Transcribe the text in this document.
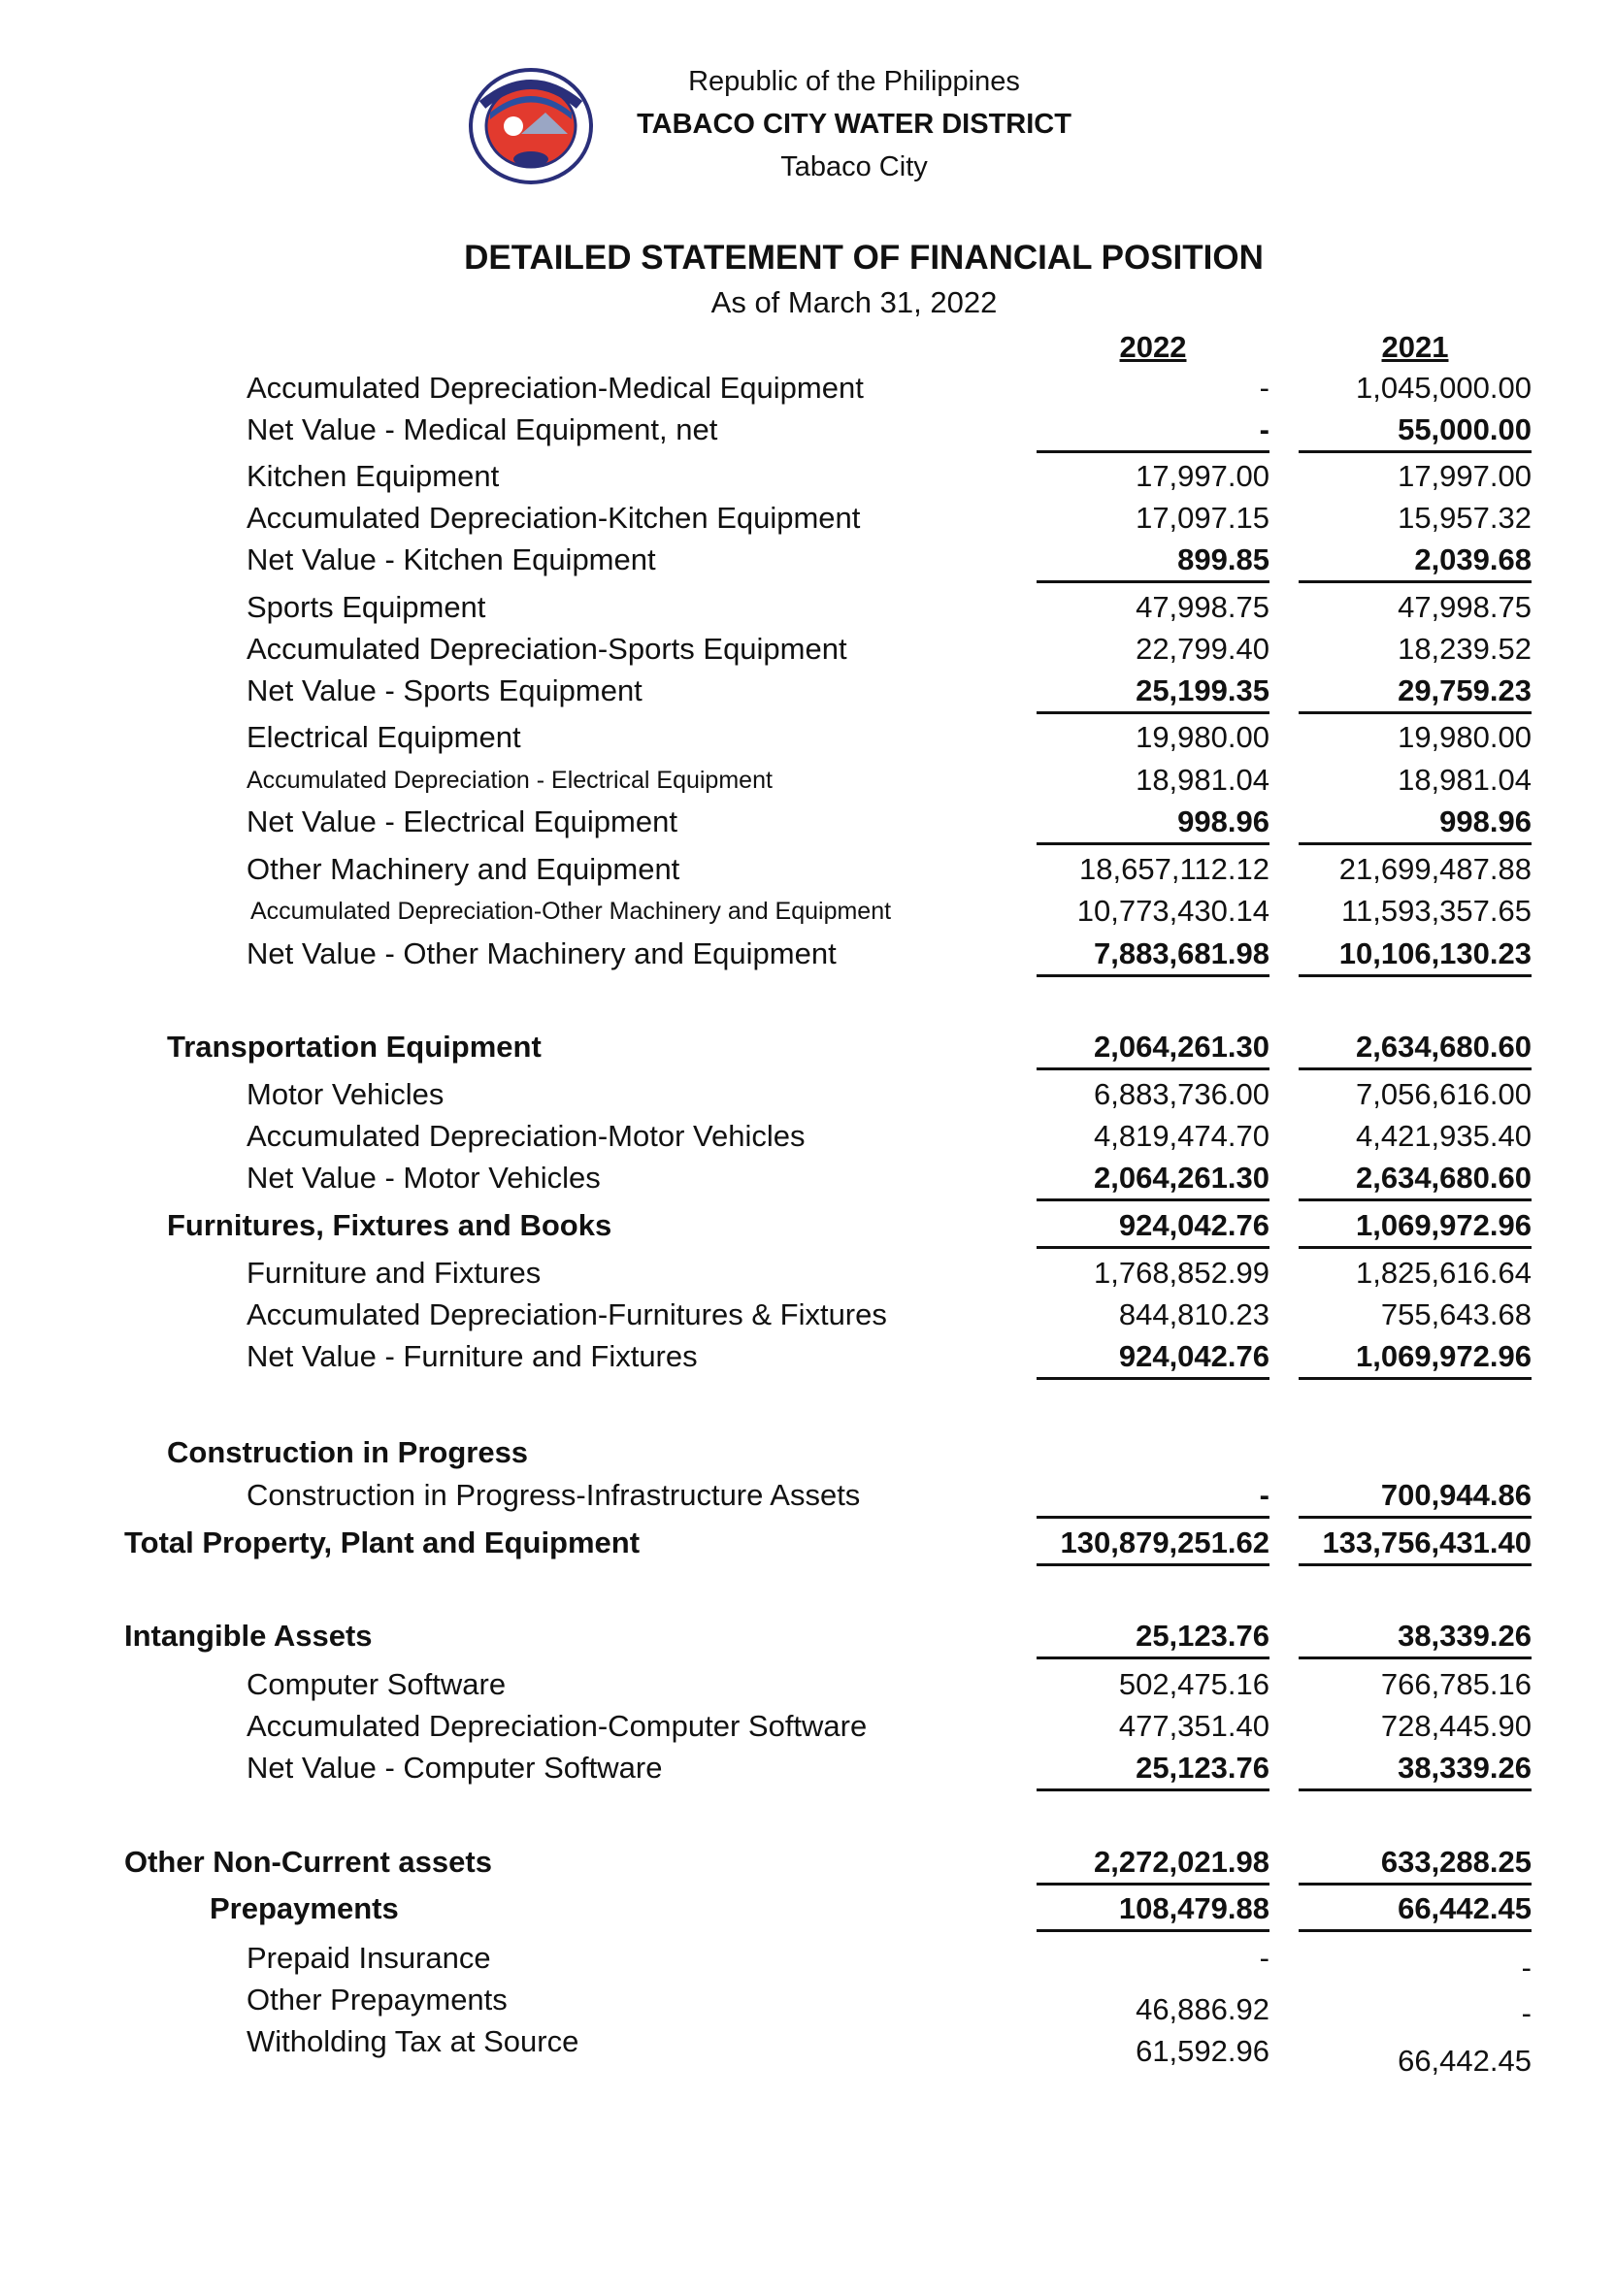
Republic of the Philippines
TABACO CITY WATER DISTRICT
Tabaco City
DETAILED STATEMENT OF FINANCIAL POSITION
As of March 31, 2022
2022	2021
Accumulated Depreciation-Medical Equipment	-	1,045,000.00
Net Value - Medical Equipment, net	-	55,000.00
Kitchen Equipment	17,997.00	17,997.00
Accumulated Depreciation-Kitchen Equipment	17,097.15	15,957.32
Net Value - Kitchen Equipment	899.85	2,039.68
Sports Equipment	47,998.75	47,998.75
Accumulated Depreciation-Sports Equipment	22,799.40	18,239.52
Net Value - Sports Equipment	25,199.35	29,759.23
Electrical Equipment	19,980.00	19,980.00
Accumulated Depreciation - Electrical Equipment	18,981.04	18,981.04
Net Value - Electrical Equipment	998.96	998.96
Other Machinery and Equipment	18,657,112.12	21,699,487.88
Accumulated Depreciation-Other Machinery and Equipment	10,773,430.14	11,593,357.65
Net Value - Other Machinery and Equipment	7,883,681.98	10,106,130.23
Transportation Equipment	2,064,261.30	2,634,680.60
Motor Vehicles	6,883,736.00	7,056,616.00
Accumulated Depreciation-Motor Vehicles	4,819,474.70	4,421,935.40
Net Value - Motor Vehicles	2,064,261.30	2,634,680.60
Furnitures, Fixtures and Books	924,042.76	1,069,972.96
Furniture and Fixtures	1,768,852.99	1,825,616.64
Accumulated Depreciation-Furnitures & Fixtures	844,810.23	755,643.68
Net Value - Furniture and Fixtures	924,042.76	1,069,972.96
Construction in Progress
Construction in Progress-Infrastructure Assets	-	700,944.86
Total Property, Plant and Equipment	130,879,251.62	133,756,431.40
Intangible Assets	25,123.76	38,339.26
Computer Software	502,475.16	766,785.16
Accumulated Depreciation-Computer Software	477,351.40	728,445.90
Net Value - Computer Software	25,123.76	38,339.26
Other Non-Current assets	2,272,021.98	633,288.25
Prepayments	108,479.88	66,442.45
Prepaid Insurance	-	-
Other Prepayments	46,886.92	-
Witholding Tax at Source	61,592.96	66,442.45
